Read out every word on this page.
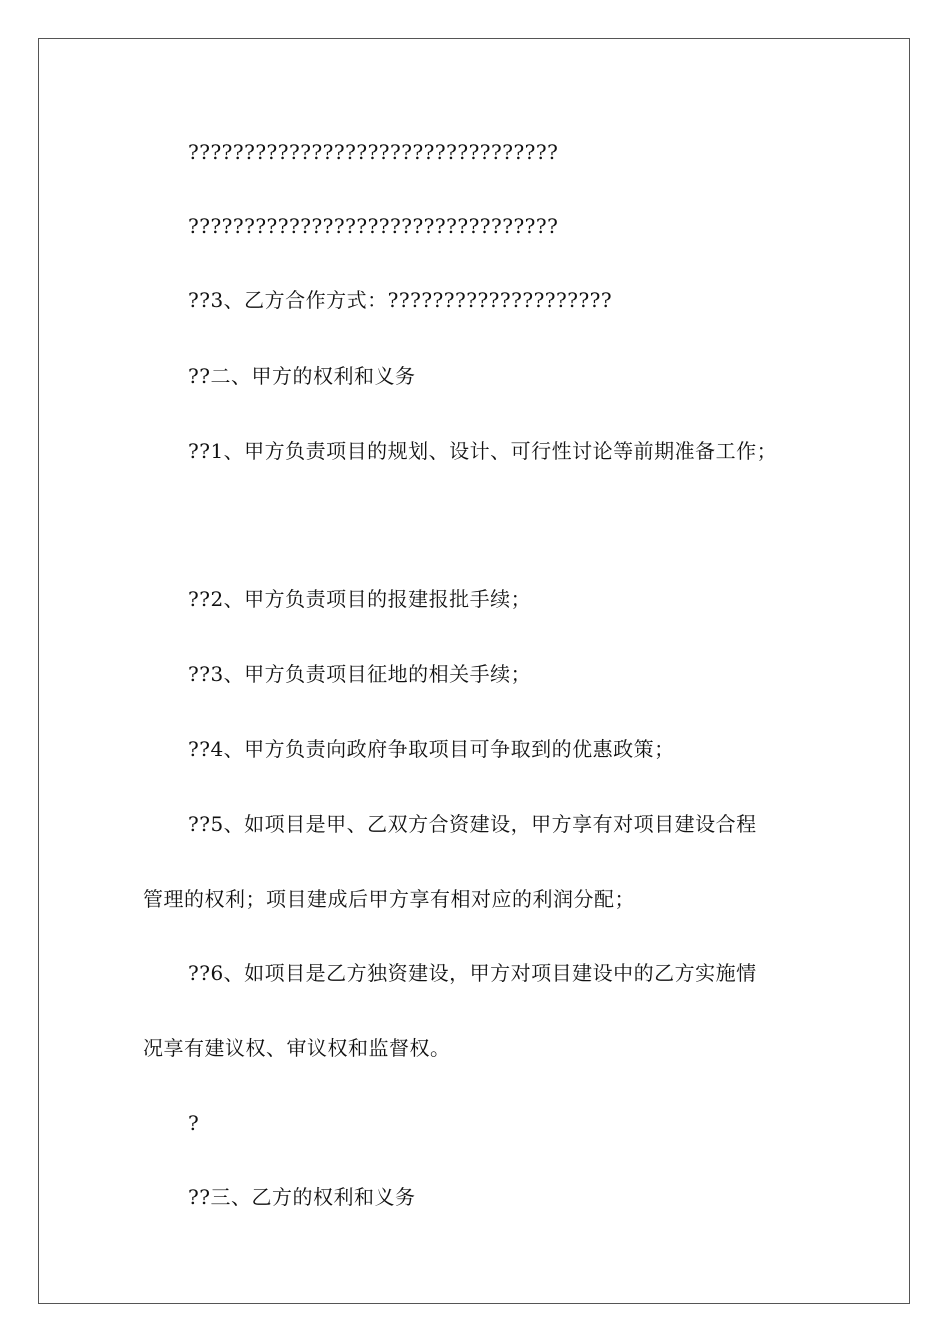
?????????????????????????????????
?????????????????????????????????
??3、乙方合作方式：????????????????????
??二、甲方的权利和义务
??1、甲方负责项目的规划、设计、可行性讨论等前期准备工作；
??2、甲方负责项目的报建报批手续；
??3、甲方负责项目征地的相关手续；
??4、甲方负责向政府争取项目可争取到的优惠政策；
??5、如项目是甲、乙双方合资建设，甲方享有对项目建设合程
管理的权利；项目建成后甲方享有相对应的利润分配；
??6、如项目是乙方独资建设，甲方对项目建设中的乙方实施情
况享有建议权、审议权和监督权。
?
??三、乙方的权利和义务
